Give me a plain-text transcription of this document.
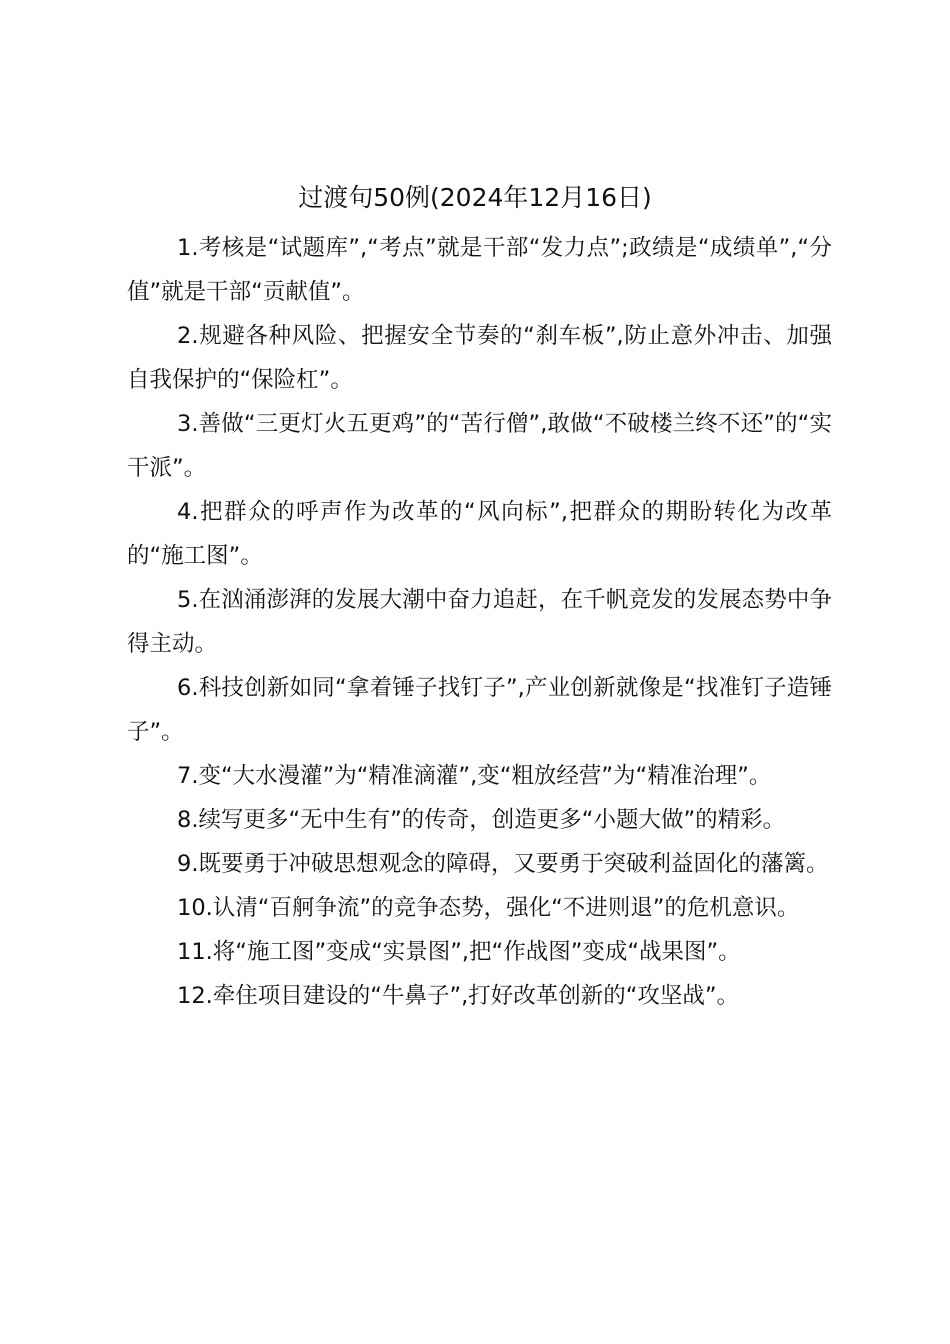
过渡句50例(2024年12月16日)

1.考核是“试题库”,“考点”就是干部“发力点”;政绩是“成绩单”,“分值”就是干部“贡献值”。

2.规避各种风险、把握安全节奏的“刹车板”,防止意外冲击、加强自我保护的“保险杠”。

3.善做“三更灯火五更鸡”的“苦行僧”,敢做“不破楼兰终不还”的“实干派”。

4.把群众的呼声作为改革的“风向标”,把群众的期盼转化为改革的“施工图”。

5.在汹涌澎湃的发展大潮中奋力追赶，在千帆竞发的发展态势中争得主动。

6.科技创新如同“拿着锤子找钉子”,产业创新就像是“找准钉子造锤子”。

7.变“大水漫灌”为“精准滴灌”,变“粗放经营”为“精准治理”。

8.续写更多“无中生有”的传奇，创造更多“小题大做”的精彩。

9.既要勇于冲破思想观念的障碍，又要勇于突破利益固化的藩篱。

10.认清“百舸争流”的竞争态势，强化“不进则退”的危机意识。

11.将“施工图”变成“实景图”,把“作战图”变成“战果图”。

12.牵住项目建设的“牛鼻子”,打好改革创新的“攻坚战”。
